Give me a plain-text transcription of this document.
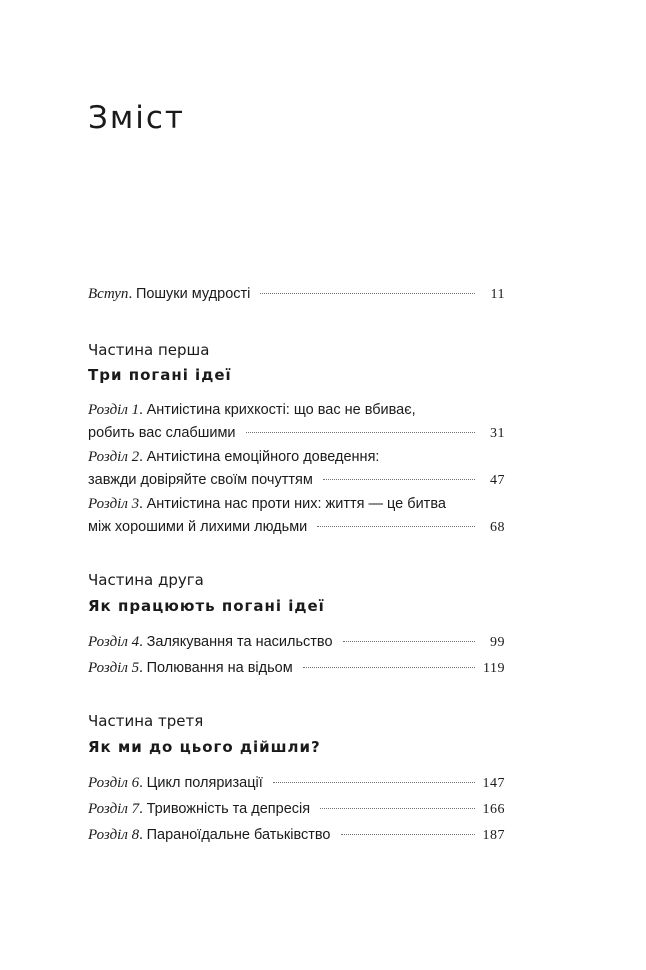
Зміст
Вступ. Пошуки мудрості	11
Частина перша
Три погані ідеї
Розділ 1. Антиістина крихкості: що вас не вбиває,
робить вас слабшими	31
Розділ 2. Антиістина емоційного доведення:
завжди довіряйте своїм почуттям	47
Розділ 3. Антиістина нас проти них: життя — це битва
між хорошими й лихими людьми	68
Частина друга
Як працюють погані ідеї
Розділ 4. Залякування та насильство	99
Розділ 5. Полювання на відьом	119
Частина третя
Як ми до цього дійшли?
Розділ 6. Цикл поляризації	147
Розділ 7. Тривожність та депресія	166
Розділ 8. Параноїдальне батьківство	187
